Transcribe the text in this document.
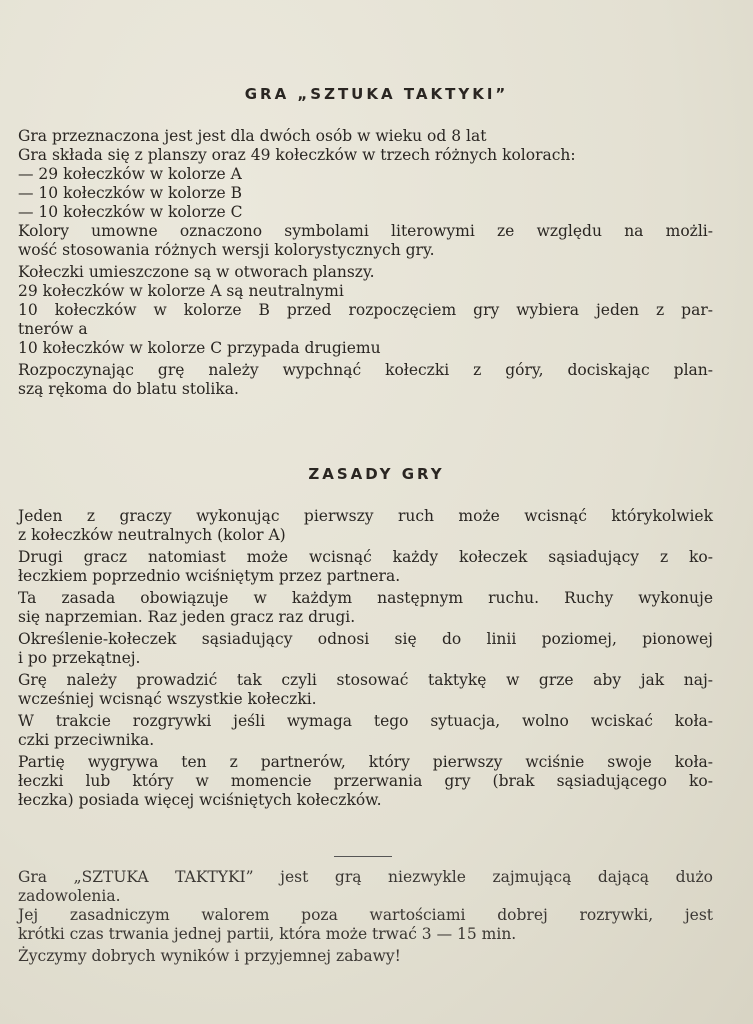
GRA „SZTUKA TAKTYKI”
Gra przeznaczona jest jest dla dwóch osób w wieku od 8 lat
Gra składa się z planszy oraz 49 kołeczków w trzech różnych kolorach:
— 29 kołeczków w kolorze A
— 10 kołeczków w kolorze B
— 10 kołeczków w kolorze C
Kolory umowne oznaczono symbolami literowymi ze względu na możli-
wość stosowania różnych wersji kolorystycznych gry.
Kołeczki umieszczone są w otworach planszy.
29 kołeczków w kolorze A są neutralnymi
10 kołeczków w kolorze B przed rozpoczęciem gry wybiera jeden z par-
tnerów a
10 kołeczków w kolorze C przypada drugiemu
Rozpoczynając grę należy wypchnąć kołeczki z góry, dociskając plan-
szą rękoma do blatu stolika.
ZASADY GRY
Jeden z graczy wykonując pierwszy ruch może wcisnąć którykolwiek
z kołeczków neutralnych (kolor A)
Drugi gracz natomiast może wcisnąć każdy kołeczek sąsiadujący z ko-
łeczkiem poprzednio wciśniętym przez partnera.
Ta zasada obowiązuje w każdym następnym ruchu. Ruchy wykonuje
się naprzemian. Raz jeden gracz raz drugi.
Określenie-kołeczek sąsiadujący odnosi się do linii poziomej, pionowej
i po przekątnej.
Grę należy prowadzić tak czyli stosować taktykę w grze aby jak naj-
wcześniej wcisnąć wszystkie kołeczki.
W trakcie rozgrywki jeśli wymaga tego sytuacja, wolno wciskać koła-
czki przeciwnika.
Partię wygrywa ten z partnerów, który pierwszy wciśnie swoje koła-
łeczki lub który w momencie przerwania gry (brak sąsiadującego ko-
łeczka) posiada więcej wciśniętych kołeczków.
Gra „SZTUKA TAKTYKI” jest grą niezwykle zajmującą dającą dużo
zadowolenia.
Jej zasadniczym walorem poza wartościami dobrej rozrywki, jest
krótki czas trwania jednej partii, która może trwać 3 — 15 min.
Życzymy dobrych wyników i przyjemnej zabawy!
